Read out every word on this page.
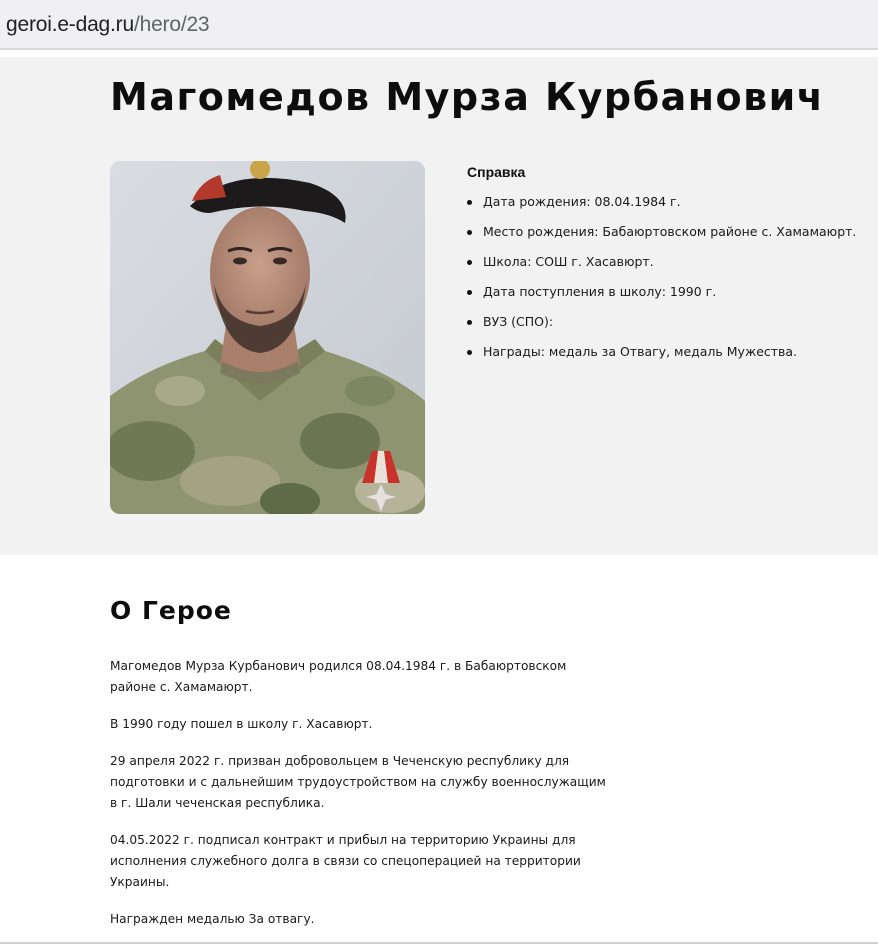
geroi.e-dag.ru/hero/23
Магомедов Мурза Курбанович
Справка
Дата рождения: 08.04.1984 г.
Место рождения: Бабаюртовском районе с. Хамамаюрт.
Школа: СОШ г. Хасавюрт.
Дата поступления в школу: 1990 г.
ВУЗ (СПО):
Награды: медаль за Отвагу, медаль Мужества.
О Герое

Магомедов Мурза Курбанович родился 08.04.1984 г. в Бабаюртовском районе с. Хамамаюрт.

В 1990 году пошел в школу г. Хасавюрт.

29 апреля 2022 г. призван добровольцем в Чеченскую республику для подготовки и с дальнейшим трудоустройством на службу военнослужащим в г. Шали чеченская республика.

04.05.2022 г. подписал контракт и прибыл на территорию Украины для исполнения служебного долга в связи со спецоперацией на территории Украины.

Награжден медалью За отвагу.
